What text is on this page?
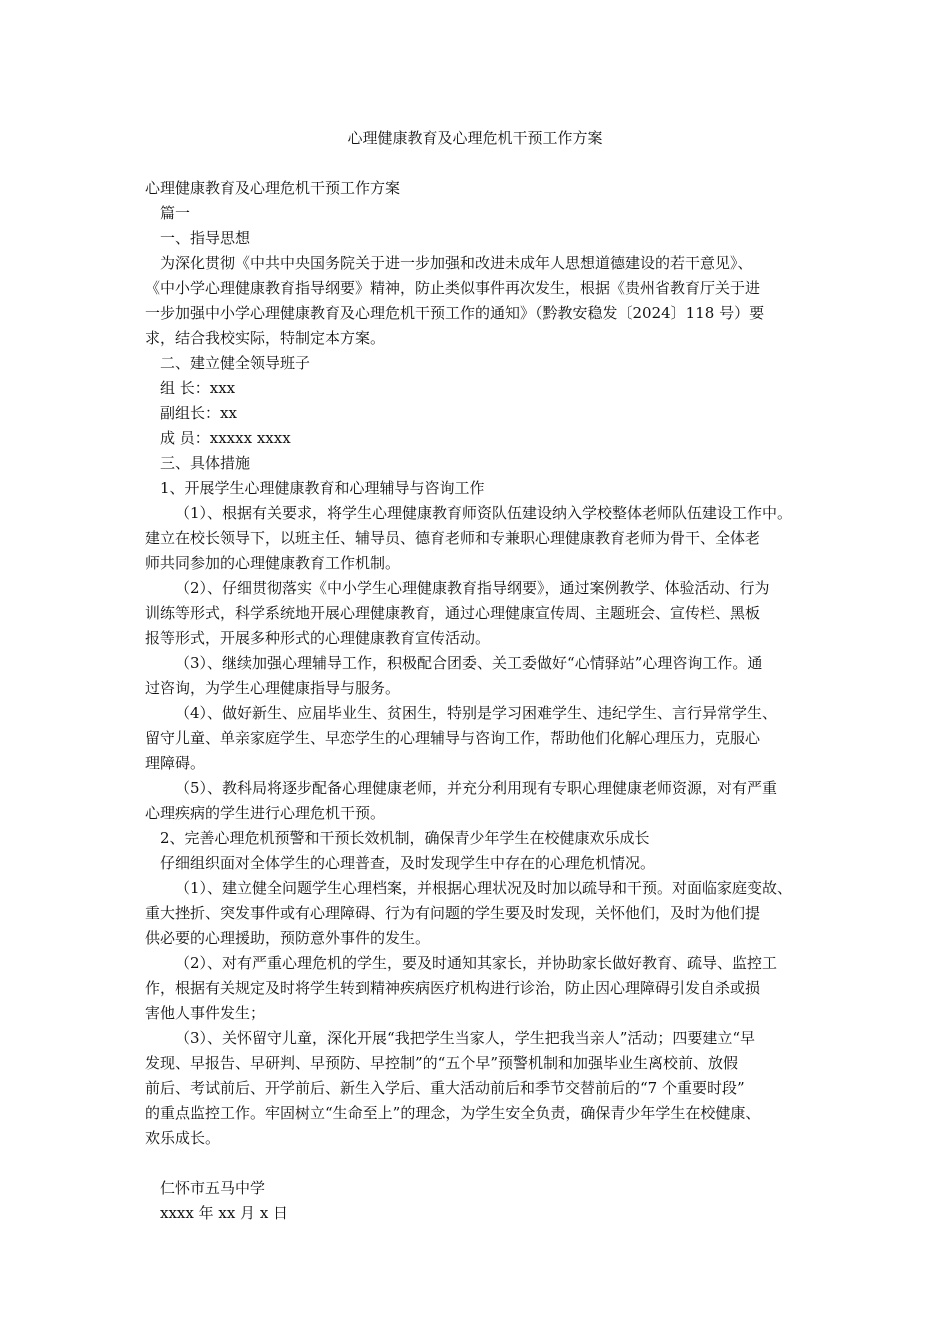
心理健康教育及心理危机干预工作方案
心理健康教育及心理危机干预工作方案
篇一
一、指导思想
为深化贯彻《中共中央国务院关于进一步加强和改进未成年人思想道德建设的若干意见》、
《中小学心理健康教育指导纲要》精神，防止类似事件再次发生，根据《贵州省教育厅关于进
一步加强中小学心理健康教育及心理危机干预工作的通知》（黔教安稳发〔2024〕118 号）要
求，结合我校实际，特制定本方案。
二、建立健全领导班子
组 长：xxx
副组长：xx
成 员：xxxxx xxxx
三、具体措施
1、开展学生心理健康教育和心理辅导与咨询工作
（1）、根据有关要求，将学生心理健康教育师资队伍建设纳入学校整体老师队伍建设工作中。
建立在校长领导下，以班主任、辅导员、德育老师和专兼职心理健康教育老师为骨干、全体老
师共同参加的心理健康教育工作机制。
（2）、仔细贯彻落实《中小学生心理健康教育指导纲要》，通过案例教学、体验活动、行为
训练等形式，科学系统地开展心理健康教育，通过心理健康宣传周、主题班会、宣传栏、黑板
报等形式，开展多种形式的心理健康教育宣传活动。
（3）、继续加强心理辅导工作，积极配合团委、关工委做好“心情驿站”心理咨询工作。通
过咨询，为学生心理健康指导与服务。
（4）、做好新生、应届毕业生、贫困生，特别是学习困难学生、违纪学生、言行异常学生、
留守儿童、单亲家庭学生、早恋学生的心理辅导与咨询工作，帮助他们化解心理压力，克服心
理障碍。
（5）、教科局将逐步配备心理健康老师，并充分利用现有专职心理健康老师资源，对有严重
心理疾病的学生进行心理危机干预。
2、完善心理危机预警和干预长效机制，确保青少年学生在校健康欢乐成长
仔细组织面对全体学生的心理普查，及时发现学生中存在的心理危机情况。
（1）、建立健全问题学生心理档案，并根据心理状况及时加以疏导和干预。对面临家庭变故、
重大挫折、突发事件或有心理障碍、行为有问题的学生要及时发现，关怀他们，及时为他们提
供必要的心理援助，预防意外事件的发生。
（2）、对有严重心理危机的学生，要及时通知其家长，并协助家长做好教育、疏导、监控工
作，根据有关规定及时将学生转到精神疾病医疗机构进行诊治，防止因心理障碍引发自杀或损
害他人事件发生；
（3）、关怀留守儿童，深化开展“我把学生当家人，学生把我当亲人”活动；四要建立“早
发现、早报告、早研判、早预防、早控制”的“五个早”预警机制和加强毕业生离校前、放假
前后、考试前后、开学前后、新生入学后、重大活动前后和季节交替前后的“7 个重要时段”
的重点监控工作。牢固树立“生命至上”的理念，为学生安全负责，确保青少年学生在校健康、
欢乐成长。
仁怀市五马中学
xxxx 年 xx 月 x 日
